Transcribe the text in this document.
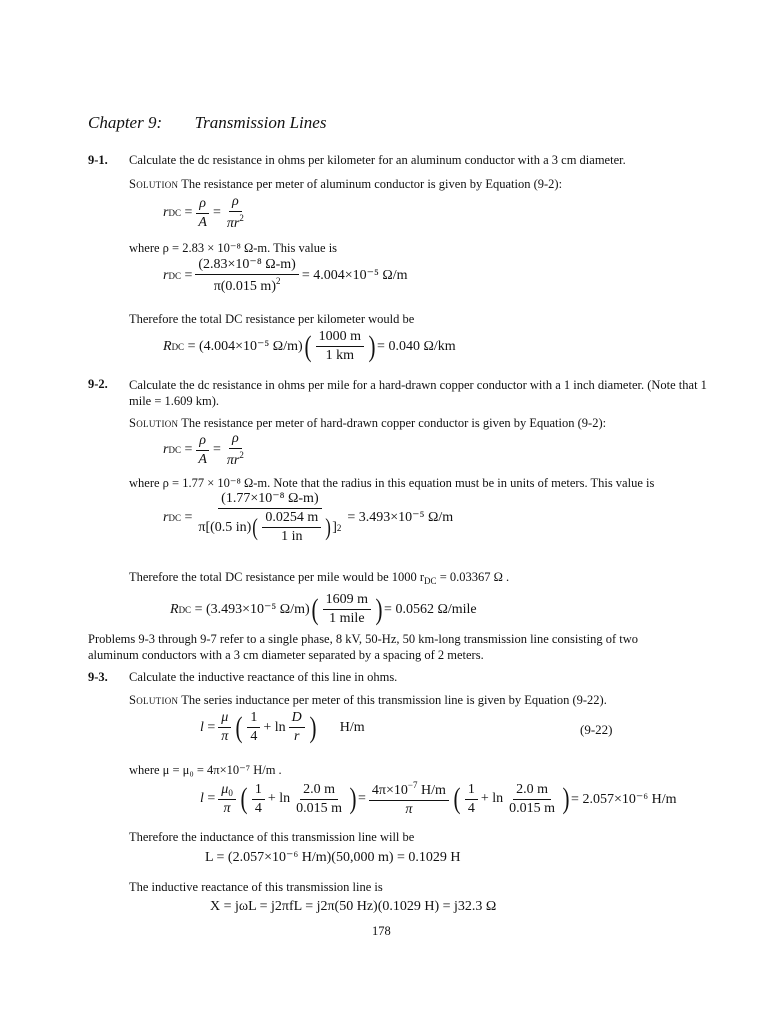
Chapter 9: Transmission Lines
9-1. Calculate the dc resistance in ohms per kilometer for an aluminum conductor with a 3 cm diameter.
Solution The resistance per meter of aluminum conductor is given by Equation (9-2):
r DC = $\frac{\rho}{A} = \frac{\rho}{\pi r^2}$
where ρ = 2.83 × 10⁻⁸ Ω-m. This value is
r DC = $\frac{\text{(2.83×10⁻⁸ Ω-m)}}{\pi(0.015 m)^2} = 4.004\times 10^{-5}$ Ω/m
Therefore the total DC resistance per kilometer would be
R DC
= (4.004×10⁻⁵ Ω/m) ( $\frac{1000 m}{1 km}$ ) = 0.040 Ω/km
9-2. Calculate the dc resistance in ohms per mile for a hard-drawn copper conductor with a 1 inch diameter. (Note that 1 mile = 1.609 km).
Solution The resistance per meter of hard-drawn copper conductor is given by Equation (9-2):
r DC = $\frac{\rho}{A} = \frac{\rho}{\pi r^2}$
where ρ = 1.77 × 10⁻⁸ Ω-m. Note that the radius in this equation must be in units of meters. This value is
r DC = $\frac{\text{(1.77×10⁻⁸ Ω-m)}}{\pi[(0.5 in) ( \frac{0.0254 m}{1 in} ) ] 2} = 3.493\times 10^{-5}$ Ω/m
Therefore the total DC resistance per mile would be 1000 $r_{DC} = 0.03367$ Ω .
R DC
= (3.493×10⁻⁵ Ω/m) ( $\frac{1609 m}{\text{1 mile}}$ ) = 0.0562 Ω/mile
Problems 9-3 through 9-7 refer to a single phase, 8 kV, 50-Hz, 50 km-long transmission line consisting of two aluminum conductors with a 3 cm diameter separated by a spacing of 2 meters.
9-3. Calculate the inductive reactance of this line in ohms.
Solution The series inductance per meter of this transmission line is given by Equation (9-22).
$l = \frac{\mu}{\pi}$ ( $\frac{1}{4} + \ln \frac{D}{r}$ ) H/m	(9-22)
where μ = μ₀ = 4π×10⁻⁷ H/m .
$l = \frac{\mu_0}{\pi}$ ( $\frac{1}{4} + \ln \frac{2.0 m}{0.015 m}$ ) = $\frac{4\pi\times 10^{-7} H/m}{\pi}$ ( $\frac{1}{4} + \ln \frac{2.0 m}{0.015 m}$ ) = 2.057×10⁻⁶ H/m
Therefore the inductance of this transmission line will be
L = (2.057×10⁻⁶ H/m)(50,000 m) = 0.1029 H
The inductive reactance of this transmission line is
X = jωL = j2πfL = j2π(50 Hz)(0.1029 H) = j32.3 Ω
178
